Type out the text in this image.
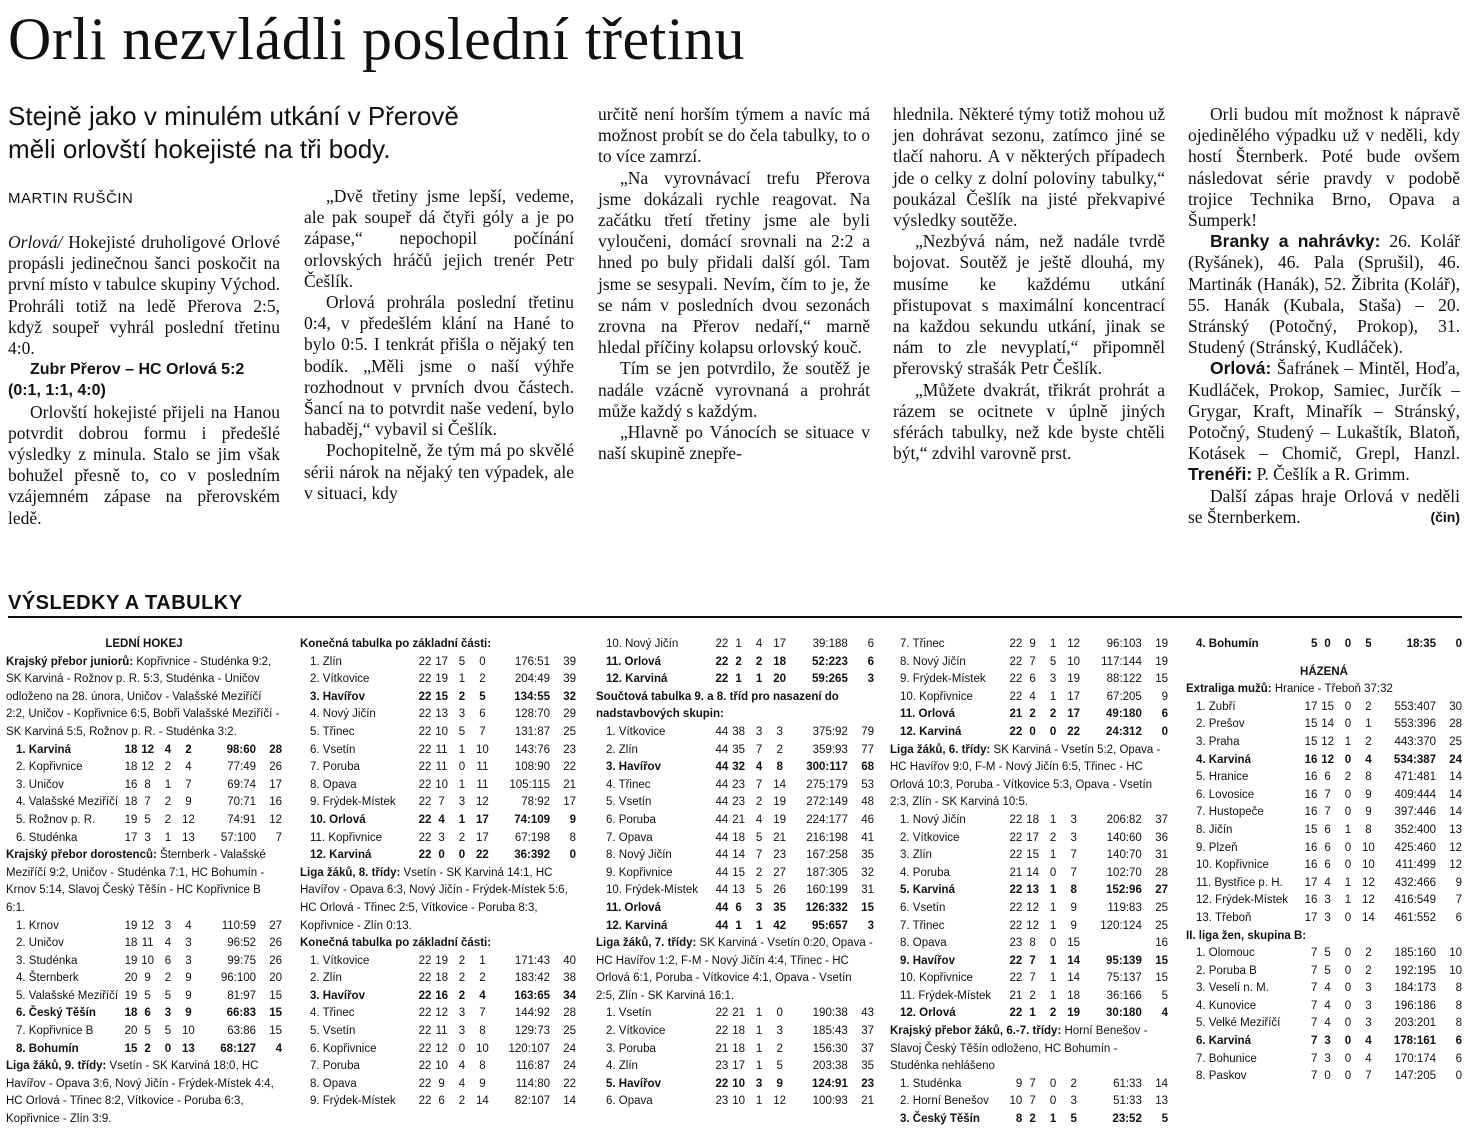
Orli nezvládli poslední třetinu
Stejně jako v minulém utkání v Přerově měli orlovští hokejisté na tři body.
MARTIN RUŠČIN

Orlová/ Hokejisté druholigové Orlové propásli jedinečnou šanci poskočit na první místo v tabulce skupiny Východ. Prohráli totiž na ledě Přerova 2:5, když soupeř vyhrál poslední třetinu 4:0.

Zubr Přerov – HC Orlová 5:2

(0:1, 1:1, 4:0)

Orlovští hokejisté přijeli na Hanou potvrdit dobrou formu i předešlé výsledky z minula. Stalo se jim však bohužel přesně to, co v posledním vzájemném zápase na přerovském ledě.

„Dvě třetiny jsme lepší, vedeme, ale pak soupeř dá čtyři góly a je po zápase,“ nepochopil počínání orlovských hráčů jejich trenér Petr Češlík.

Orlová prohrála poslední třetinu 0:4, v předešlém klání na Hané to bylo 0:5. I tenkrát přišla o nějaký ten bodík. „Měli jsme o naší výhře rozhodnout v prvních dvou částech. Šancí na to potvrdit naše vedení, bylo habaděj,“ vybavil si Češlík.

Pochopitelně, že tým má po skvělé sérii nárok na nějaký ten výpadek, ale v situaci, kdy

určitě není horším týmem a navíc má možnost probít se do čela tabulky, to o to více zamrzí.

„Na vyrovnávací trefu Přerova jsme dokázali rychle reagovat. Na začátku třetí třetiny jsme ale byli vyloučeni, domácí srovnali na 2:2 a hned po buly přidali další gól. Tam jsme se sesypali. Nevím, čím to je, že se nám v posledních dvou sezonách zrovna na Přerov nedaří,“ marně hledal příčiny kolapsu orlovský kouč.

Tím se jen potvrdilo, že soutěž je nadále vzácně vyrovnaná a prohrát může každý s každým.

„Hlavně po Vánocích se situace v naší skupině znepře-

hlednila. Některé týmy totiž mohou už jen dohrávat sezonu, zatímco jiné se tlačí nahoru. A v některých případech jde o celky z dolní poloviny tabulky,“ poukázal Češlík na jisté překvapivé výsledky soutěže.

„Nezbývá nám, než nadále tvrdě bojovat. Soutěž je ještě dlouhá, my musíme ke každému utkání přistupovat s maximální koncentrací na každou sekundu utkání, jinak se nám to zle nevyplatí,“ připomněl přerovský strašák Petr Češlík.

„Můžete dvakrát, třikrát prohrát a rázem se ocitnete v úplně jiných sférách tabulky, než kde byste chtěli být,“ zdvihl varovně prst.

Orli budou mít možnost k nápravě ojedinělého výpadku už v neděli, kdy hostí Šternberk. Poté bude ovšem následovat série pravdy v podobě trojice Technika Brno, Opava a Šumperk!

Branky a nahrávky: 26. Kolář (Ryšánek), 46. Pala (Sprušil), 46. Martinák (Hanák), 52. Žibrita (Kolář), 55. Hanák (Kubala, Staša) – 20. Stránský (Potočný, Prokop), 31. Studený (Stránský, Kudláček).

Orlová: Šafránek – Mintěl, Hoďa, Kudláček, Prokop, Samiec, Jurčík – Grygar, Kraft, Minařík – Stránský, Potočný, Studený – Lukaštík, Blatoň, Kotásek – Chomič, Grepl, Hanzl. Trenéři: P. Češlík a R. Grimm.

Další zápas hraje Orlová v neděli se Šternberkem.	(čin)

VÝSLEDKY A TABULKY
LEDNÍ HOKEJ
Krajský přebor juniorů: Kopřivnice - Studénka 9:2, SK Karviná - Rožnov p. R. 5:3, Studénka - Uničov odloženo na 28. února, Uničov - Valašské Meziříčí 2:2, Uničov - Kopřivnice 6:5, Bobři Valašské Meziříčí - SK Karviná 5:5, Rožnov p. R. - Studénka 3:2.
1. Karviná	18 12 4	2	98:60	28
2. Kopřivnice	18 12 2	4	77:49	26
3. Uničov	16 8	1	7	69:74	17
4. Valašské Meziříčí 18 7	2	9	70:71	16
5. Rožnov p. R.	19 5	2 12	74:91	12
6. Studénka	17 3	1 13	57:100	7
Krajský přebor dorostenců: Šternberk - Valašské Meziříčí 9:2, Uničov - Studénka 7:1, HC Bohumín - Krnov 5:14, Slavoj Český Těšín - HC Kopřivnice B 6:1.
1. Krnov	19 12 3	4	110:59	27
2. Uničov	18 11 4	3	96:52	26
3. Studénka	19 10 6	3	99:75	26
4. Šternberk	20 9	2	9	96:100	20
5. Valašské Meziříčí 19 5	5	9	81:97	15
6. Český Těšín	18 6	3	9	66:83	15
7. Kopřivnice B	20 5	5 10	63:86	15
8. Bohumín	15 2	0 13	68:127	4
Liga žáků, 9. třídy: Vsetín - SK Karviná 18:0, HC Havířov - Opava 3:6, Nový Jičín - Frýdek-Místek 4:4, HC Orlová - Třinec 8:2, Vítkovice - Poruba 6:3, Kopřivnice - Zlín 3:9.
Konečná tabulka po základní části:
1. Zlín	22 17 5	0	176:51	39
2. Vítkovice	22 19 1	2	204:49	39
3. Havířov	22 15 2	5	134:55	32
4. Nový Jičín	22 13 3	6	128:70	29
5. Třinec	22 10 5	7	131:87	25
6. Vsetín	22 11 1 10	143:76	23
7. Poruba	22 11 0 11	108:90	22
8. Opava	22 10 1 11	105:115	21
9. Frýdek-Místek	22 7	3 12	78:92	17
10. Orlová	22 4	1 17	74:109	9
11. Kopřivnice	22 3	2 17	67:198	8
12. Karviná	22 0	0 22	36:392	0
Liga žáků, 8. třídy: Vsetín - SK Karviná 14:1, HC Havířov - Opava 6:3, Nový Jičín - Frýdek-Místek 5:6, HC Orlová - Třinec 2:5, Vítkovice - Poruba 8:3, Kopřivnice - Zlín 0:13.
Konečná tabulka po základní části:
1. Vítkovice	22 19 2	1	171:43	40
2. Zlín	22 18 2	2	183:42	38
3. Havířov	22 16 2	4	163:65	34
4. Třinec	22 12 3	7	144:92	28
5. Vsetín	22 11 3	8	129:73	25
6. Kopřivnice	22 12 0 10	120:107	24
7. Poruba	22 10 4	8	116:87	24
8. Opava	22 9	4	9	114:80	22
9. Frýdek-Místek	22 6	2 14	82:107	14
10. Nový Jičín	22 1	4 17	39:188	6
11. Orlová	22 2	2 18	52:223	6
12. Karviná	22 1	1 20	59:265	3
Součtová tabulka 9. a 8. tříd pro nasazení do nadstavbových skupin:
1. Vítkovice	44 38 3	3	375:92	79
2. Zlín	44 35 7	2	359:93	77
3. Havířov	44 32 4	8	300:117	68
4. Třinec	44 23 7 14	275:179	53
5. Vsetín	44 23 2 19	272:149	48
6. Poruba	44 21 4 19	224:177	46
7. Opava	44 18 5 21	216:198	41
8. Nový Jičín	44 14 7 23	167:258	35
9. Kopřivnice	44 15 2 27	187:305	32
10. Frýdek-Místek	44 13 5 26	160:199	31
11. Orlová	44 6	3 35	126:332	15
12. Karviná	44 1	1 42	95:657	3
Liga žáků, 7. třídy: SK Karviná - Vsetín 0:20, Opava - HC Havířov 1:2, F-M - Nový Jičín 4:4, Třinec - HC Orlová 6:1, Poruba - Vítkovice 4:1, Opava - Vsetín 2:5, Zlín - SK Karviná 16:1.
1. Vsetín	22 21 1	0	190:38	43
2. Vítkovice	22 18 1	3	185:43	37
3. Poruba	21 18 1	2	156:30	37
4. Zlín	23 17 1	5	203:38	35
5. Havířov	22 10 3	9	124:91	23
6. Opava	23 10 1 12	100:93	21
7. Třinec	22 9	1 12	96:103	19
8. Nový Jičín	22 7	5 10	117:144	19
9. Frýdek-Místek	22 6	3 19	88:122	15
10. Kopřivnice	22 4	1 17	67:205	9
11. Orlová	21 2	2 17	49:180	6
12. Karviná	22 0	0 22	24:312	0
Liga žáků, 6. třídy: SK Karviná - Vsetín 5:2, Opava - HC Havířov 9:0, F-M - Nový Jičín 6:5, Třinec - HC Orlová 10:3, Poruba - Vítkovice 5:3, Opava - Vsetín 2:3, Zlín - SK Karviná 10:5.
1. Nový Jičín	22 18 1	3	206:82	37
2. Vítkovice	22 17 2	3	140:60	36
3. Zlín	22 15 1	7	140:70	31
4. Poruba	21 14 0	7	102:70	28
5. Karviná	22 13 1	8	152:96	27
6. Vsetín	22 12 1	9	119:83	25
7. Třinec	22 12 1	9	120:124	25
8. Opava	23 8	0 15	16
9. Havířov	22 7	1 14	95:139	15
10. Kopřivnice	22 7	1 14	75:137	15
11. Frýdek-Místek	21 2	1 18	36:166	5
12. Orlová	22 1	2 19	30:180	4
Krajský přebor žáků, 6.-7. třídy: Horní Benešov - Slavoj Český Těšín odloženo, HC Bohumín - Studénka nehlášeno
1. Studénka	9 7	0	2	61:33	14
2. Horní Benešov	10 7	0	3	51:33	13
3. Český Těšín	8 2	1	5	23:52	5
4. Bohumín	5 0	0	5	18:35	0
HÁZENÁ
Extraliga mužů: Hranice - Třeboň 37:32
1. Zubří	17 15 0	2	553:407	30
2. Prešov	15 14 0	1	553:396	28
3. Praha	15 12 1	2	443:370	25
4. Karviná	16 12 0	4	534:387	24
5. Hranice	16 6	2	8	471:481	14
6. Lovosice	16 7	0	9	409:444	14
7. Hustopeče	16 7	0	9	397:446	14
8. Jičín	15 6	1	8	352:400	13
9. Plzeň	16 6	0 10	425:460	12
10. Kopřivnice	16 6	0 10	411:499	12
11. Bystřice p. H.	17 4	1 12	432:466	9
12. Frýdek-Místek	16 3	1 12	416:549	7
13. Třeboň	17 3	0 14	461:552	6
II. liga žen, skupina B:
1. Olomouc	7 5	0	2	185:160	10
2. Poruba B	7 5	0	2	192:195	10
3. Veselí n. M.	7 4	0	3	184:173	8
4. Kunovice	7 4	0	3	196:186	8
5. Velké Meziříčí	7 4	0	3	203:201	8
6. Karviná	7 3	0	4	178:161	6
7. Bohunice	7 3	0	4	170:174	6
8. Paskov	7 0	0	7	147:205	0
